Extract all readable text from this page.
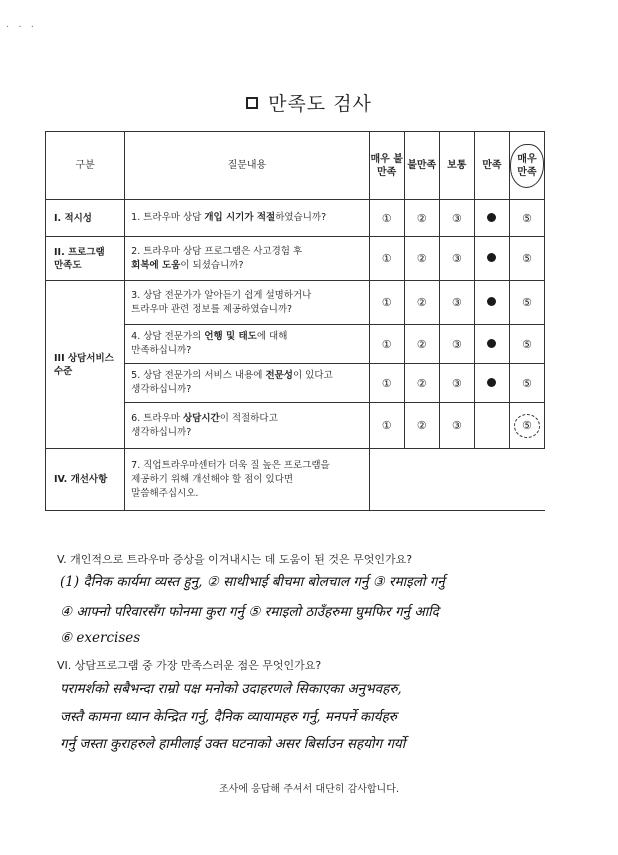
· · ·
만족도 검사
구분	질문내용	매우 불만족	불만족	보통	만족	매우 만족
I. 적시성	1. 트라우마 상담 개입 시기가 적절하였습니까?	①	②	③		⑤
II. 프로그램
만족도	2. 트라우마 상담 프로그램은 사고경험 후
회복에 도움이 되셨습니까?	①	②	③		⑤
III 상담서비스
수준	3. 상담 전문가가 알아듣기 쉽게 설명하거나
트라우마 관련 정보를 제공하였습니까?	①	②	③		⑤
	4. 상담 전문가의 언행 및 태도에 대해
만족하십니까?	①	②	③		⑤
	5. 상담 전문가의 서비스 내용에 전문성이 있다고
생각하십니까?	①	②	③		⑤
	6. 트라우마 상담시간이 적절하다고
생각하십니까?	①	②	③		⑤
IV. 개선사항	7. 직업트라우마센터가 더욱 질 높은 프로그램을
제공하기 위해 개선해야 할 점이 있다면
말씀해주십시오.					
V. 개인적으로 트라우마 증상을 이겨내시는 데 도움이 된 것은 무엇인가요?
(1) दैनिक कार्यमा व्यस्त हुनु, ② साथीभाई बीचमा बोलचाल गर्नु ③ रमाइलो गर्नु
④ आफ्नो परिवारसँग फोनमा कुरा गर्नु ⑤ रमाइलो ठाउँहरुमा घुमफिर गर्नु आदि
⑥ exercises
VI. 상담프로그램 중 가장 만족스러운 점은 무엇인가요?
परामर्शको सबैभन्दा राम्रो पक्ष मनोको उदाहरणले सिकाएका अनुभवहरु,
जस्तै कामना ध्यान केन्द्रित गर्नु, दैनिक व्यायामहरु गर्नु, मनपर्ने कार्यहरु
गर्नु जस्ता कुराहरुले हामीलाई उक्त घटनाको असर बिर्साउन सहयोग गर्यो
조사에 응답해 주셔서 대단히 감사합니다.
